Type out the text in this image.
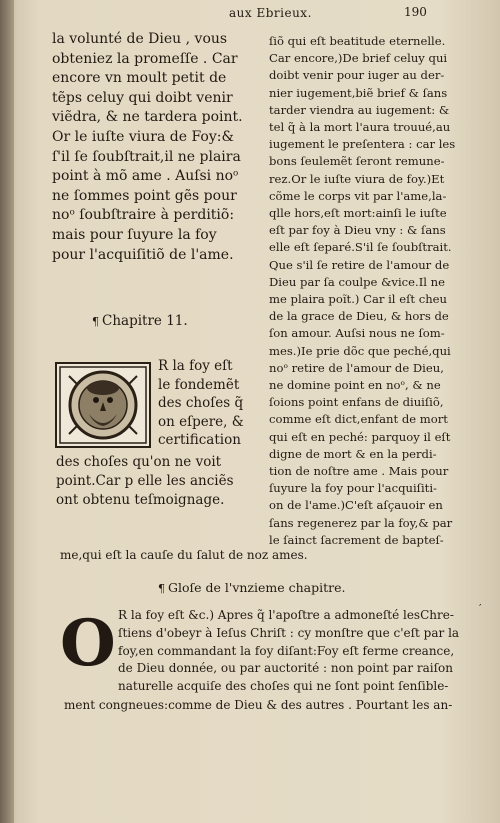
aux Ebrieux.	190
la volunté de Dieu , vous
obteniez la promeſſe . Car
encore vn moult petit de
tẽps celuy qui doibt venir
viẽdra, & ne tardera point.
Or le iuſte viura de Foy:&
ſ'il ſe ſoubſtrait,il ne plaira
point à mõ ame . Auſsi noᵒ
ne ſommes point gẽs pour
noᵒ ſoubſtraire à perditiõ:
mais pour ſuyure la foy
pour l'acquiſitiõ de l'ame.
¶ Chapitre 11.
R la foy eſt
le fondemẽt
des choſes q̃
on eſpere, &
certification
des choſes qu'on ne voit
point.Car p elle les anciẽs
ont obtenu teſmoignage.
ſiõ qui eſt beatitude eternelle.
Car encore,)De brief celuy qui
doibt venir pour iuger au der-
nier iugement,biẽ brief & ſans
tarder viendra au iugement: &
tel q̃ à la mort l'aura trouué,au
iugement le preſentera : car les
bons ſeulemẽt ſeront remune-
rez.Or le iuſte viura de foy.)Et
cõme le corps vit par l'ame,la-
qlle hors,eſt mort:ainſi le iuſte
eſt par foy à Dieu vny : & ſans
elle eſt ſeparé.S'il ſe ſoubſtrait.
Que s'il ſe retire de l'amour de
Dieu par ſa coulpe &vice.Il ne
me plaira poĩt.) Car il eſt cheu
de la grace de Dieu, & hors de
ſon amour. Auſsi nous ne ſom-
mes.)Ie prie dõc que peché,qui
noᵒ retire de l'amour de Dieu,
ne domine point en noᵒ, & ne
ſoions point enfans de diuiſiõ,
comme eſt dict,enfant de mort
qui eſt en peché: parquoy il eſt
digne de mort & en la perdi-
tion de noſtre ame . Mais pour
ſuyure la foy pour l'acquiſiti-
on de l'ame.)C'eſt aſçauoir en
ſans regenerez par la foy,& par
le ſainct ſacrement de bapteſ-
me,qui eſt la cauſe du ſalut de noz ames.
¶ Gloſe de l'vnzieme chapitre.
O R la foy eſt &c.) Apres q̃ l'apoſtre a admoneſté lesChre- ′
ſtiens d'obeyr à Ieſus Chriſt : cy monſtre que c'eſt par la
foy,en commandant la foy diſant:Foy eſt ferme creance,
de Dieu donnée, ou par auctorité : non point par raiſon
naturelle acquiſe des choſes qui ne ſont point ſenſible-
ment congneues:comme de Dieu & des autres . Pourtant les an-
